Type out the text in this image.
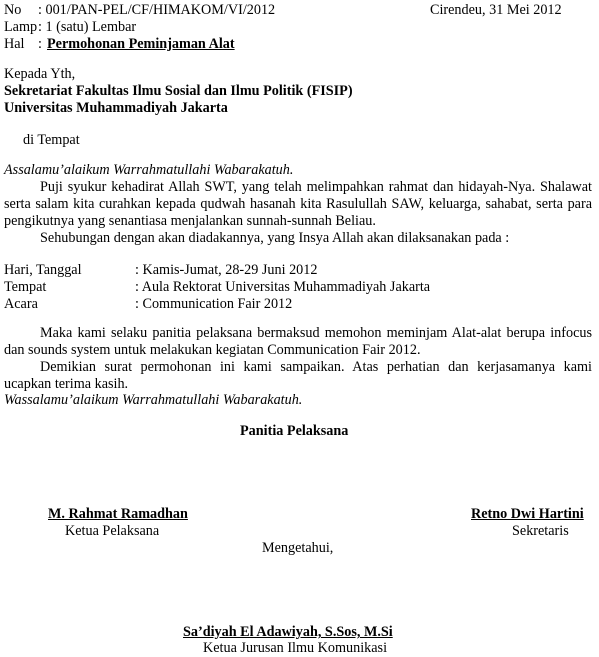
No : 001/PAN-PEL/CF/HIMAKOM/VI/2012	Cirendeu, 31 Mei 2012
Lamp : 1 (satu) Lembar
Hal : Permohonan Peminjaman Alat
Kepada Yth,
Sekretariat Fakultas Ilmu Sosial dan Ilmu Politik (FISIP)
Universitas Muhammadiyah Jakarta
di Tempat
Assalamu’alaikum Warrahmatullahi Wabarakatuh.
Puji syukur kehadirat Allah SWT, yang telah melimpahkan rahmat dan hidayah-Nya. Shalawat serta salam kita curahkan kepada qudwah hasanah kita Rasulullah SAW, keluarga, sahabat, serta para pengikutnya yang senantiasa menjalankan sunnah-sunnah Beliau.
Sehubungan dengan akan diadakannya, yang Insya Allah akan dilaksanakan pada :
Hari, Tanggal	: Kamis-Jumat, 28-29 Juni 2012
Tempat	: Aula Rektorat Universitas Muhammadiyah Jakarta
Acara	: Communication Fair 2012
Maka kami selaku panitia pelaksana bermaksud memohon meminjam Alat-alat berupa infocus dan sounds system untuk melakukan kegiatan Communication Fair 2012.
Demikian surat permohonan ini kami sampaikan. Atas perhatian dan kerjasamanya kami ucapkan terima kasih.
Wassalamu’alaikum Warrahmatullahi Wabarakatuh.
Panitia Pelaksana
M. Rahmat Ramadhan
Ketua Pelaksana
Retno Dwi Hartini
Sekretaris
Mengetahui,
Sa’diyah El Adawiyah, S.Sos, M.Si
Ketua Jurusan Ilmu Komunikasi
